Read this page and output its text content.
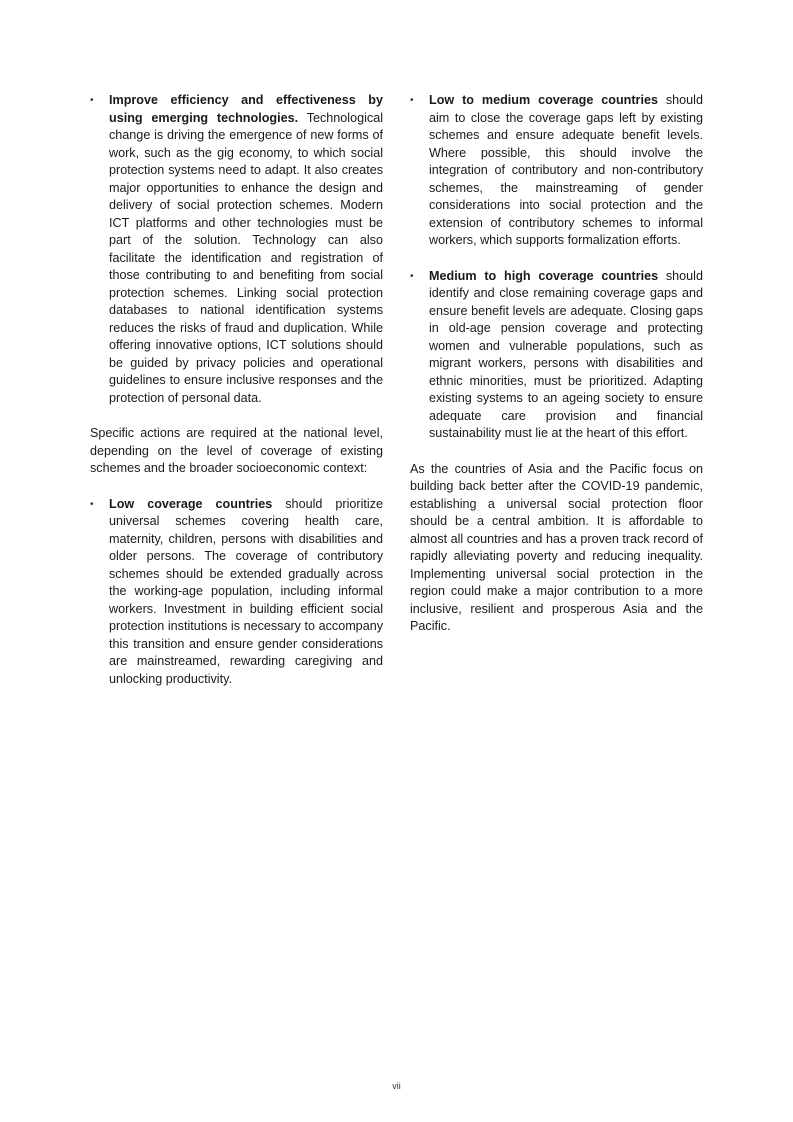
•	Improve efficiency and effectiveness by using emerging technologies. Technological change is driving the emergence of new forms of work, such as the gig economy, to which social protection systems need to adapt. It also creates major opportunities to enhance the design and delivery of social protection schemes. Modern ICT platforms and other technologies must be part of the solution. Technology can also facilitate the identification and registration of those contributing to and benefiting from social protection schemes. Linking social protection databases to national identification systems reduces the risks of fraud and duplication. While offering innovative options, ICT solutions should be guided by privacy policies and operational guidelines to ensure inclusive responses and the protection of personal data.

Specific actions are required at the national level, depending on the level of coverage of existing schemes and the broader socioeconomic context:

•	Low coverage countries should prioritize universal schemes covering health care, maternity, children, persons with disabilities and older persons. The coverage of contributory schemes should be extended gradually across the working-age population, including informal workers. Investment in building efficient social protection institutions is necessary to accompany this transition and ensure gender considerations are mainstreamed, rewarding caregiving and unlocking productivity.
•	Low to medium coverage countries should aim to close the coverage gaps left by existing schemes and ensure adequate benefit levels. Where possible, this should involve the integration of contributory and non-contributory schemes, the mainstreaming of gender considerations into social protection and the extension of contributory schemes to informal workers, which supports formalization efforts.
•	Medium to high coverage countries should identify and close remaining coverage gaps and ensure benefit levels are adequate. Closing gaps in old-age pension coverage and protecting women and vulnerable populations, such as migrant workers, persons with disabilities and ethnic minorities, must be prioritized. Adapting existing systems to an ageing society to ensure adequate care provision and financial sustainability must lie at the heart of this effort.

As the countries of Asia and the Pacific focus on building back better after the COVID-19 pandemic, establishing a universal social protection floor should be a central ambition. It is affordable to almost all countries and has a proven track record of rapidly alleviating poverty and reducing inequality. Implementing universal social protection in the region could make a major contribution to a more inclusive, resilient and prosperous Asia and the Pacific.

vii
